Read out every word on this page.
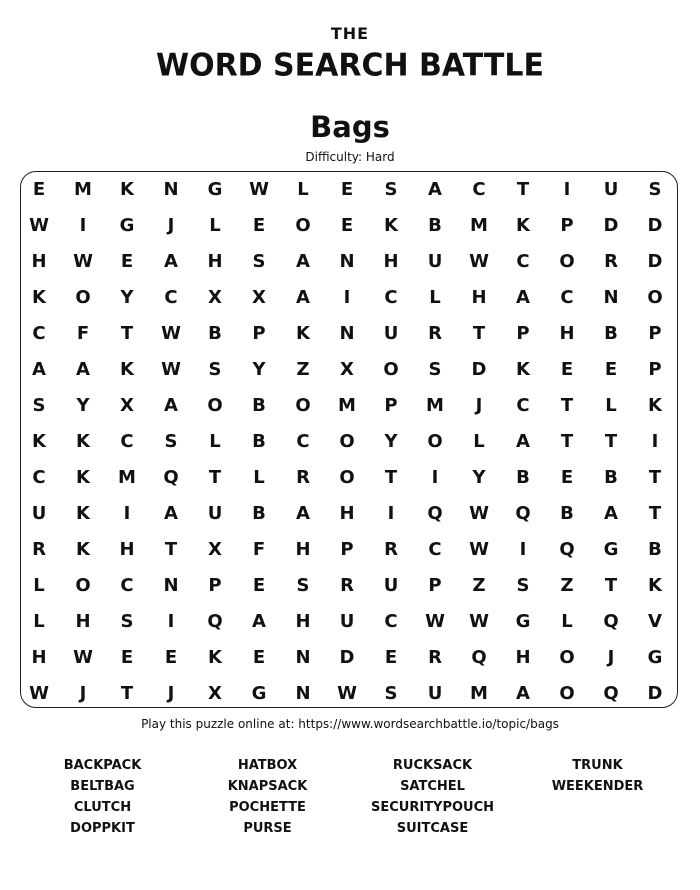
THE
WORD SEARCH BATTLE
Bags
Difficulty: Hard
E	M	K	N	G	W	L	E	S	A	C	T	I	U	S
W	I	G	J	L	E	O	E	K	B	M	K	P	D	D
H	W	E	A	H	S	A	N	H	U	W	C	O	R	D
K	O	Y	C	X	X	A	I	C	L	H	A	C	N	O
C	F	T	W	B	P	K	N	U	R	T	P	H	B	P
A	A	K	W	S	Y	Z	X	O	S	D	K	E	E	P
S	Y	X	A	O	B	O	M	P	M	J	C	T	L	K
K	K	C	S	L	B	C	O	Y	O	L	A	T	T	I
C	K	M	Q	T	L	R	O	T	I	Y	B	E	B	T
U	K	I	A	U	B	A	H	I	Q	W	Q	B	A	T
R	K	H	T	X	F	H	P	R	C	W	I	Q	G	B
L	O	C	N	P	E	S	R	U	P	Z	S	Z	T	K
L	H	S	I	Q	A	H	U	C	W	W	G	L	Q	V
H	W	E	E	K	E	N	D	E	R	Q	H	O	J	G
W	J	T	J	X	G	N	W	S	U	M	A	O	Q	D
Play this puzzle online at: https://www.wordsearchbattle.io/topic/bags
BACKPACK
BELTBAG
CLUTCH
DOPPKIT
HATBOX
KNAPSACK
POCHETTE
PURSE
RUCKSACK
SATCHEL
SECURITYPOUCH
SUITCASE
TRUNK
WEEKENDER
